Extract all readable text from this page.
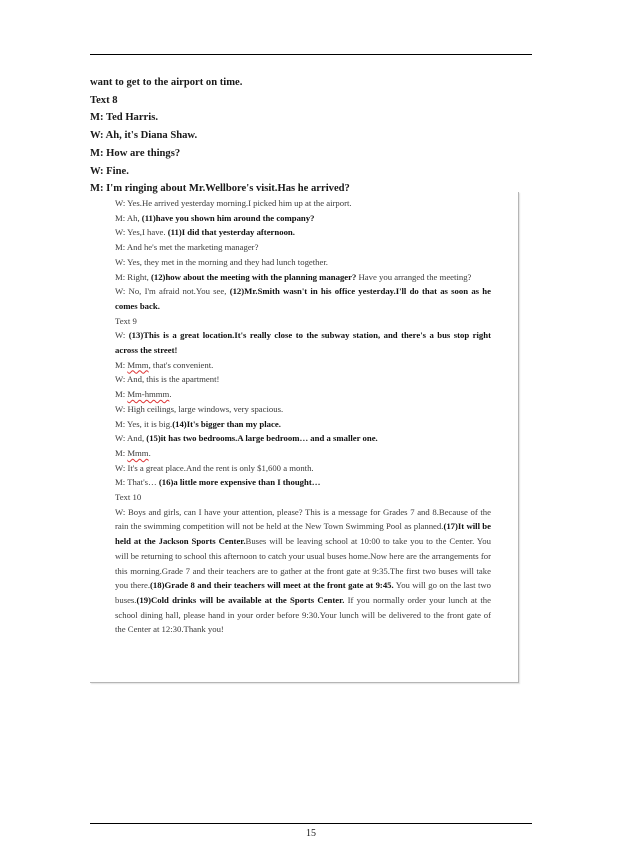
want to get to the airport on time.
Text 8
M: Ted Harris.
W: Ah, it's Diana Shaw.
M: How are things?
W: Fine.
M: I'm ringing about Mr.Wellbore's visit.Has he arrived?

W: Yes.He arrived yesterday morning.I picked him up at the airport.

M: Ah, (11)have you shown him around the company?

W: Yes,I have. (11)I did that yesterday afternoon.

M: And he's met the marketing manager?

W: Yes, they met in the morning and they had lunch together.

M: Right, (12)how about the meeting with the planning manager? Have you arranged the meeting?

W: No, I'm afraid not.You see, (12)Mr.Smith wasn't in his office yesterday.I'll do that as soon as he comes back.

Text 9

W: (13)This is a great location.It's really close to the subway station, and there's a bus stop right across the street!

M: Mmm, that's convenient.

W: And, this is the apartment!

M: Mm-hmmm.

W: High ceilings, large windows, very spacious.

M: Yes, it is big.(14)It's bigger than my place.

W: And, (15)it has two bedrooms.A large bedroom… and a smaller one.

M: Mmm.

W: It's a great place.And the rent is only $1,600 a month.

M: That's… (16)a little more expensive than I thought…

Text 10

W: Boys and girls, can I have your attention, please? This is a message for Grades 7 and 8.Because of the rain the swimming competition will not be held at the New Town Swimming Pool as planned.(17)It will be held at the Jackson Sports Center.Buses will be leaving school at 10:00 to take you to the Center. You will be returning to school this afternoon to catch your usual buses home.Now here are the arrangements for this morning.Grade 7 and their teachers are to gather at the front gate at 9:35.The first two buses will take you there.(18)Grade 8 and their teachers will meet at the front gate at 9:45. You will go on the last two buses.(19)Cold drinks will be available at the Sports Center. If you normally order your lunch at the school dining hall, please hand in your order before 9:30.Your lunch will be delivered to the front gate of the Center at 12:30.Thank you!

15
